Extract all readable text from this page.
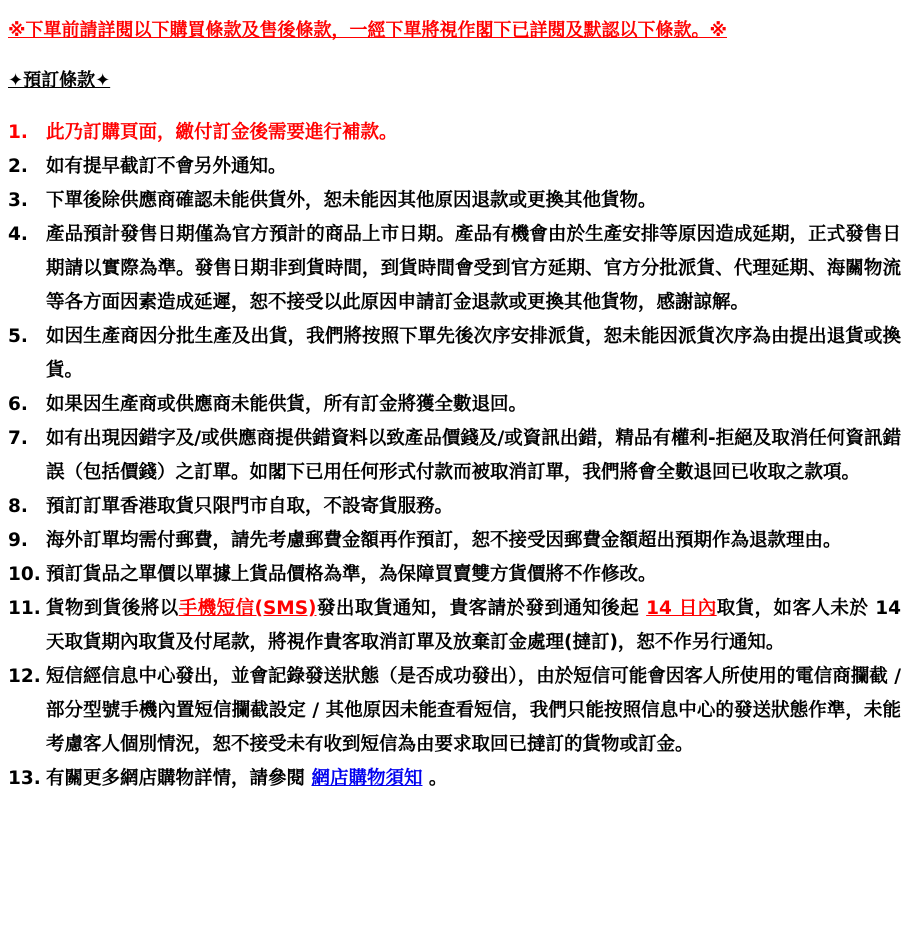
※下單前請詳閱以下購買條款及售後條款，一經下單將視作閣下已詳閱及默認以下條款。※
✦預訂條款✦
1. 此乃訂購頁面，繳付訂金後需要進行補款。
2. 如有提早截訂不會另外通知。
3. 下單後除供應商確認未能供貨外，恕未能因其他原因退款或更換其他貨物。
4. 產品預計發售日期僅為官方預計的商品上市日期。產品有機會由於生產安排等原因造成延期，正式發售日期請以實際為準。發售日期非到貨時間，到貨時間會受到官方延期、官方分批派貨、代理延期、海關物流等各方面因素造成延遲，恕不接受以此原因申請訂金退款或更換其他貨物，感謝諒解。
5. 如因生產商因分批生產及出貨，我們將按照下單先後次序安排派貨，恕未能因派貨次序為由提出退貨或換貨。
6. 如果因生產商或供應商未能供貨，所有訂金將獲全數退回。
7. 如有出現因錯字及/或供應商提供錯資料以致產品價錢及/或資訊出錯，精品有權利-拒絕及取消任何資訊錯誤（包括價錢）之訂單。如閣下已用任何形式付款而被取消訂單，我們將會全數退回已收取之款項。
8. 預訂訂單香港取貨只限門市自取，不設寄貨服務。
9. 海外訂單均需付郵費，請先考慮郵費金額再作預訂，恕不接受因郵費金額超出預期作為退款理由。
10. 預訂貨品之單價以單據上貨品價格為準，為保障買賣雙方貨價將不作修改。
11. 貨物到貨後將以手機短信(SMS)發出取貨通知，貴客請於發到通知後起 14 日內取貨，如客人未於 14 天取貨期內取貨及付尾款，將視作貴客取消訂單及放棄訂金處理(撻訂)，恕不作另行通知。
12. 短信經信息中心發出，並會記錄發送狀態（是否成功發出），由於短信可能會因客人所使用的電信商攔截 / 部分型號手機內置短信攔截設定 / 其他原因未能查看短信，我們只能按照信息中心的發送狀態作準，未能考慮客人個別情況，恕不接受未有收到短信為由要求取回已撻訂的貨物或訂金。
13. 有關更多網店購物詳情，請參閱 網店購物須知 。
